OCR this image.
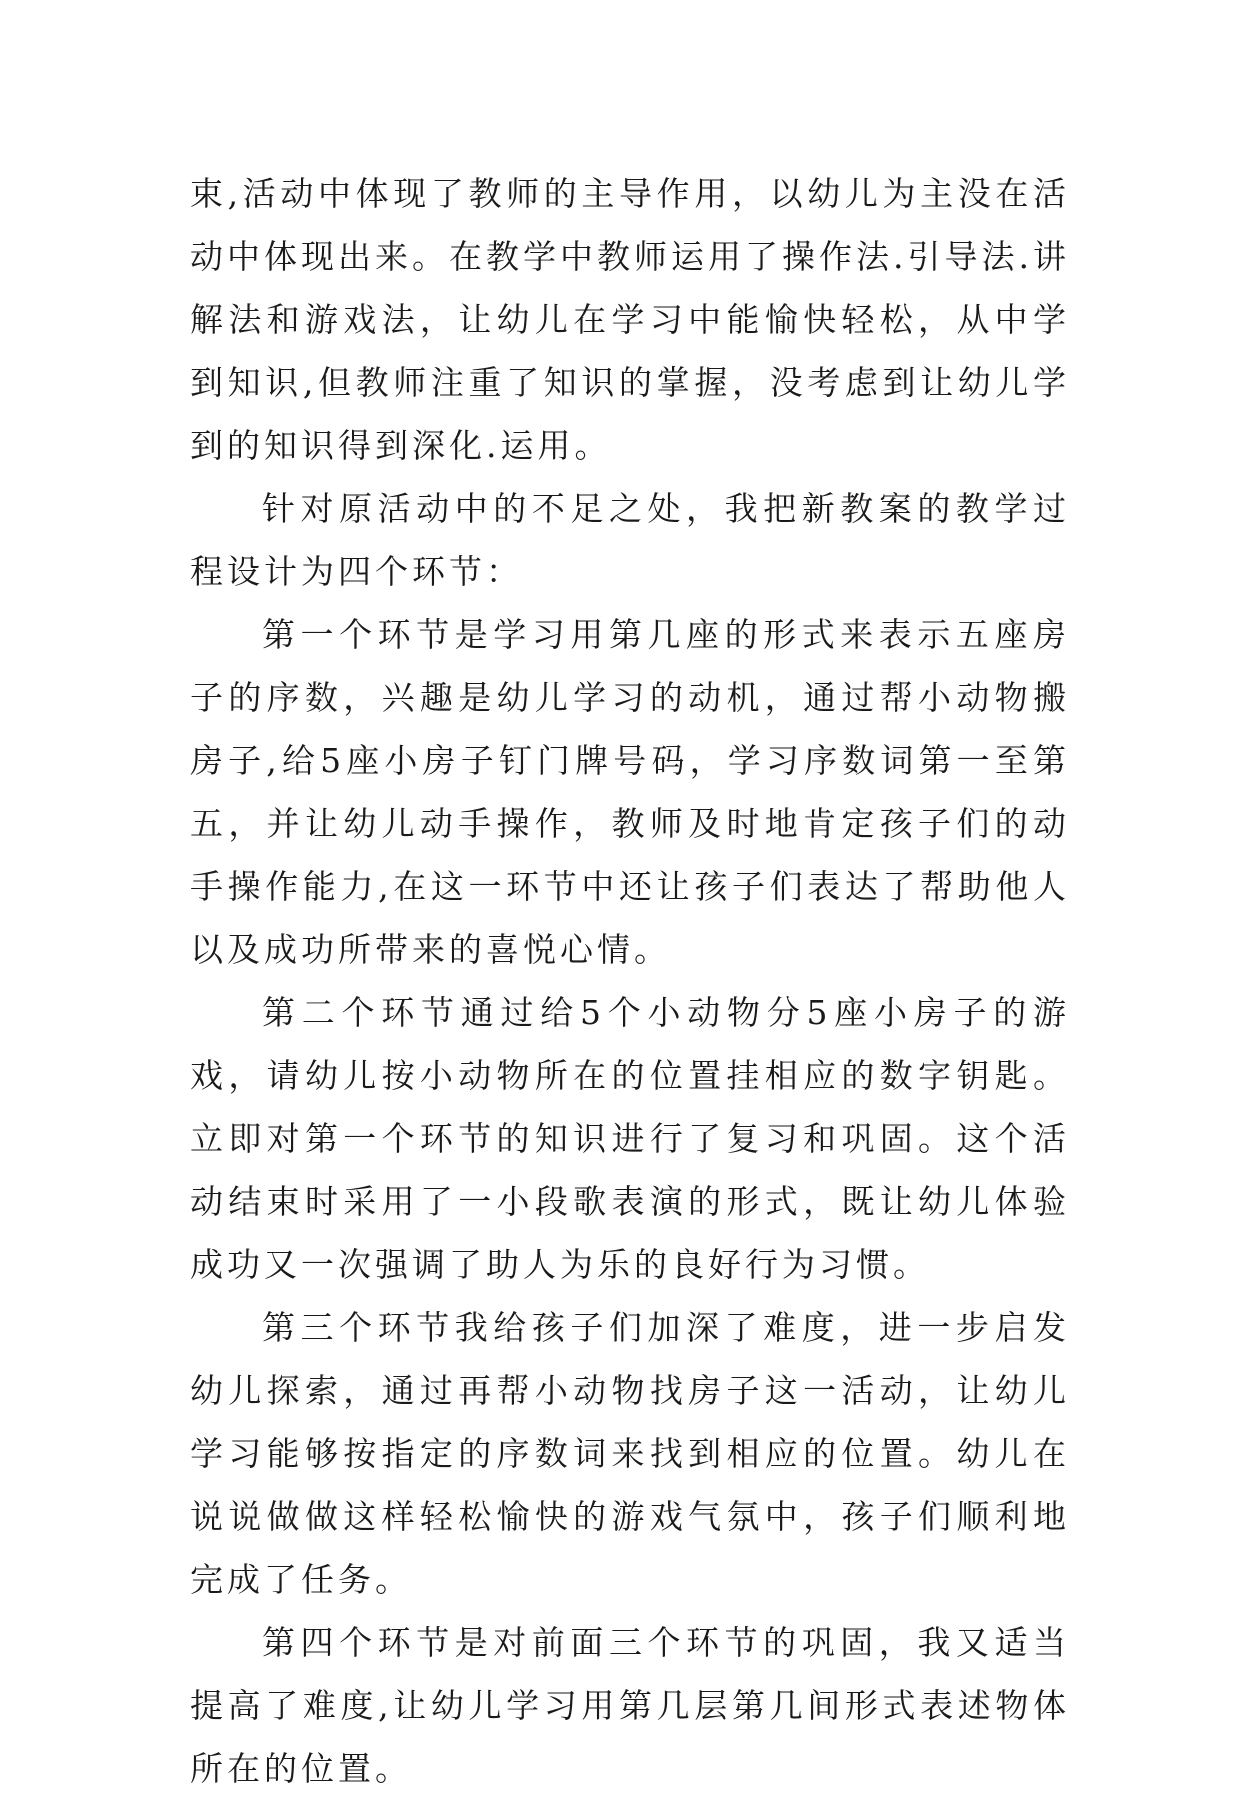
束,活动中体现了教师的主导作用，以幼儿为主没在活动中体现出来。在教学中教师运用了操作法.引导法.讲解法和游戏法，让幼儿在学习中能愉快轻松，从中学到知识,但教师注重了知识的掌握，没考虑到让幼儿学到的知识得到深化.运用。

针对原活动中的不足之处，我把新教案的教学过程设计为四个环节：

第一个环节是学习用第几座的形式来表示五座房子的序数，兴趣是幼儿学习的动机，通过帮小动物搬房子,给5座小房子钉门牌号码，学习序数词第一至第五，并让幼儿动手操作，教师及时地肯定孩子们的动手操作能力,在这一环节中还让孩子们表达了帮助他人以及成功所带来的喜悦心情。

第二个环节通过给5个小动物分5座小房子的游戏，请幼儿按小动物所在的位置挂相应的数字钥匙。立即对第一个环节的知识进行了复习和巩固。这个活动结束时采用了一小段歌表演的形式，既让幼儿体验成功又一次强调了助人为乐的良好行为习惯。

第三个环节我给孩子们加深了难度，进一步启发幼儿探索，通过再帮小动物找房子这一活动，让幼儿学习能够按指定的序数词来找到相应的位置。幼儿在说说做做这样轻松愉快的游戏气氛中，孩子们顺利地完成了任务。

第四个环节是对前面三个环节的巩固，我又适当提高了难度,让幼儿学习用第几层第几间形式表述物体所在的位置。
